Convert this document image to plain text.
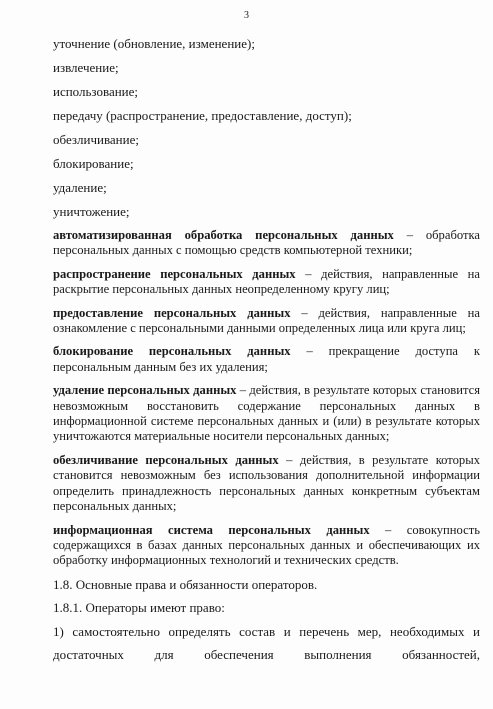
3
уточнение (обновление, изменение);
извлечение;
использование;
передачу (распространение, предоставление, доступ);
обезличивание;
блокирование;
удаление;
уничтожение;

автоматизированная обработка персональных данных – обработка персональных данных с помощью средств компьютерной техники;

распространение персональных данных – действия, направленные на раскрытие персональных данных неопределенному кругу лиц;

предоставление персональных данных – действия, направленные на ознакомление с персональными данными определенных лица или круга лиц;

блокирование персональных данных – прекращение доступа к персональным данным без их удаления;

удаление персональных данных – действия, в результате которых становится невозможным восстановить содержание персональных данных в информационной системе персональных данных и (или) в результате которых уничтожаются материальные носители персональных данных;

обезличивание персональных данных – действия, в результате которых становится невозможным без использования дополнительной информации определить принадлежность персональных данных конкретным субъектам персональных данных;

информационная система персональных данных – совокупность содержащихся в базах данных персональных данных и обеспечивающих их обработку информационных технологий и технических средств.

1.8. Основные права и обязанности операторов.
1.8.1. Операторы имеют право:
1) самостоятельно определять состав и перечень мер, необходимых и
достаточных для обеспечения выполнения обязанностей,
